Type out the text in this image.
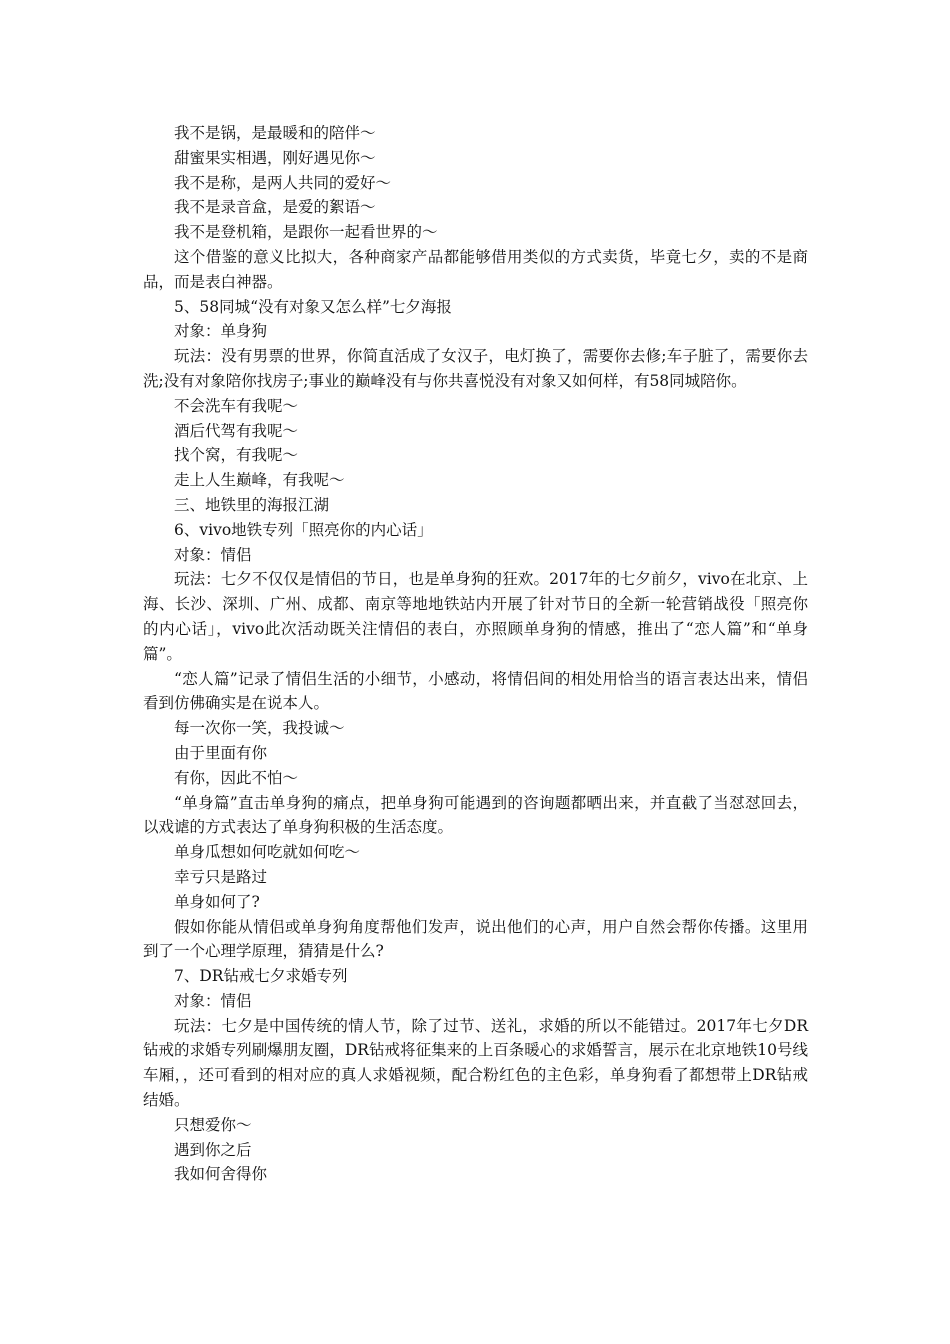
我不是锅，是最暖和的陪伴～

甜蜜果实相遇，刚好遇见你～

我不是称，是两人共同的爱好～

我不是录音盒，是爱的絮语～

我不是登机箱，是跟你一起看世界的～

这个借鉴的意义比拟大，各种商家产品都能够借用类似的方式卖货，毕竟七夕，卖的不是商品，而是表白神器。

5、58同城“没有对象又怎么样”七夕海报

对象：单身狗

玩法：没有男票的世界，你简直活成了女汉子，电灯换了，需要你去修;车子脏了，需要你去洗;没有对象陪你找房子;事业的巅峰没有与你共喜悦没有对象又如何样，有58同城陪你。

不会洗车有我呢～

酒后代驾有我呢～

找个窝，有我呢～

走上人生巅峰，有我呢～

三、地铁里的海报江湖

6、vivo地铁专列「照亮你的内心话」

对象：情侣

玩法：七夕不仅仅是情侣的节日，也是单身狗的狂欢。2017年的七夕前夕，vivo在北京、上海、长沙、深圳、广州、成都、南京等地地铁站内开展了针对节日的全新一轮营销战役「照亮你的内心话」，vivo此次活动既关注情侣的表白，亦照顾单身狗的情感，推出了“恋人篇”和“单身篇”。

“恋人篇”记录了情侣生活的小细节，小感动，将情侣间的相处用恰当的语言表达出来，情侣看到仿佛确实是在说本人。

每一次你一笑，我投诚～

由于里面有你

有你，因此不怕～

“单身篇”直击单身狗的痛点，把单身狗可能遇到的咨询题都晒出来，并直截了当怼怼回去，以戏谑的方式表达了单身狗积极的生活态度。

单身瓜想如何吃就如何吃～

幸亏只是路过

单身如何了?

假如你能从情侣或单身狗角度帮他们发声，说出他们的心声，用户自然会帮你传播。这里用到了一个心理学原理，猜猜是什么?

7、DR钻戒七夕求婚专列

对象：情侣

玩法：七夕是中国传统的情人节，除了过节、送礼，求婚的所以不能错过。2017年七夕DR钻戒的求婚专列刷爆朋友圈，DR钻戒将征集来的上百条暖心的求婚誓言，展示在北京地铁10号线车厢，，还可看到的相对应的真人求婚视频，配合粉红色的主色彩，单身狗看了都想带上DR钻戒结婚。

只想爱你～

遇到你之后

我如何舍得你
